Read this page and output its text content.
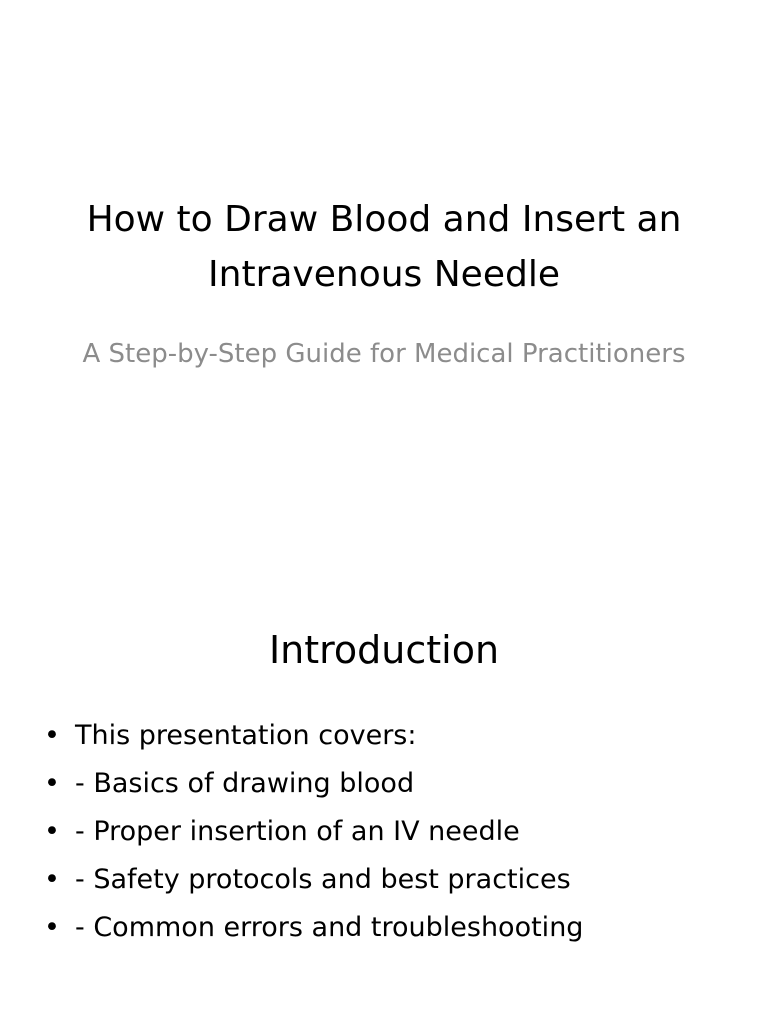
How to Draw Blood and Insert an Intravenous Needle

A Step-by-Step Guide for Medical Practitioners

Introduction
• This presentation covers:
• - Basics of drawing blood
• - Proper insertion of an IV needle
• - Safety protocols and best practices
• - Common errors and troubleshooting
